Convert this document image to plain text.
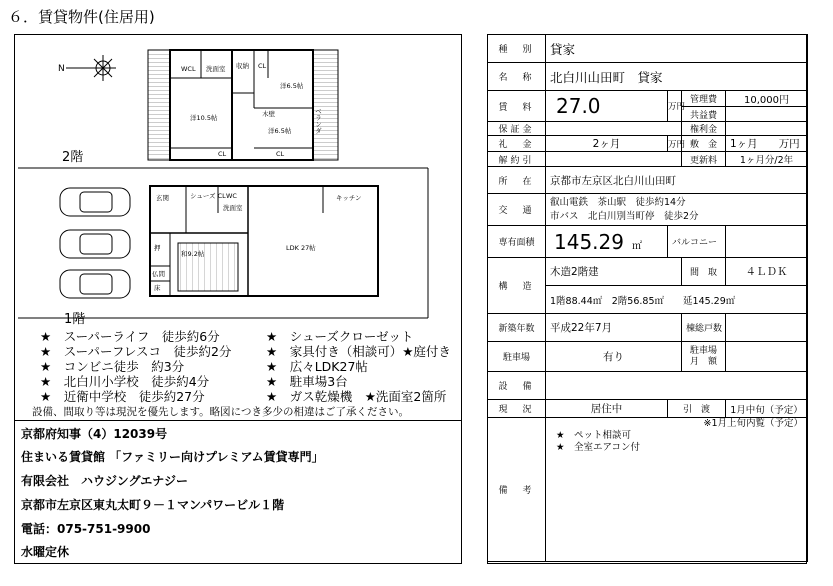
６．賃貸物件(住居用)
N	WCL 洗面室 収納 CL
洋10.5帖
洋6.5帖
洋6.5帖
木壁
CL	CL
ベランダ
玄関	シューズ CL WC
洗面室
キッチン
LDK 27帖
和9.2帖
押
仏間
床
2階
1階
★　スーパーライフ　徒歩約6分	★　シューズクローゼット
★　スーパーフレスコ　徒歩約2分	★　家具付き（相談可）★庭付き
★　コンビニ徒歩　約3分	★　広々LDK27帖
★　北白川小学校　徒歩約4分	★　駐車場3台
★　近衛中学校　徒歩約27分	★　ガス乾燥機　★洗面室2箇所
設備、間取り等は現況を優先します。略図につき多少の相違はご了承ください。
京都府知事（4）12039号
住まいる賃貸館 「ファミリー向けプレミアム賃貸専門」
有限会社　ハウジングエナジー
京都市左京区東丸太町９－１マンパワービル１階
電話：075-751-9900
水曜定休
種　別	貸家			
名　称	北白川山田町　貸家			
賃　料	27.0	万円	管理費	10,000円
			共益費	
保証金			権利金	
礼　金	2ヶ月	万円	敷　金	1ヶ月　　 万円
解約引			更新料	1ヶ月分/2年
所　在	京都市左京区北白川山田町			
交　通	叡山電鉄　茶山駅　徒歩約14分
市バス　北白川別当町停　徒歩2分			

専有面積	145.29 ㎡	バルコニー		
構　造	木造2階建		間　取	４ＬＤＫ
	1階88.44㎡　 2階56.85㎡　　 延145.29㎡			
新築年数	平成22年7月		棟総戸数	
駐車場	有り		駐車場
月　額	

設　備				
現　況	居住中	引　渡		1月中旬（予定）
備　考	※1月上旬内覧（予定）
★　ペット相談可
★　全室エアコン付			
